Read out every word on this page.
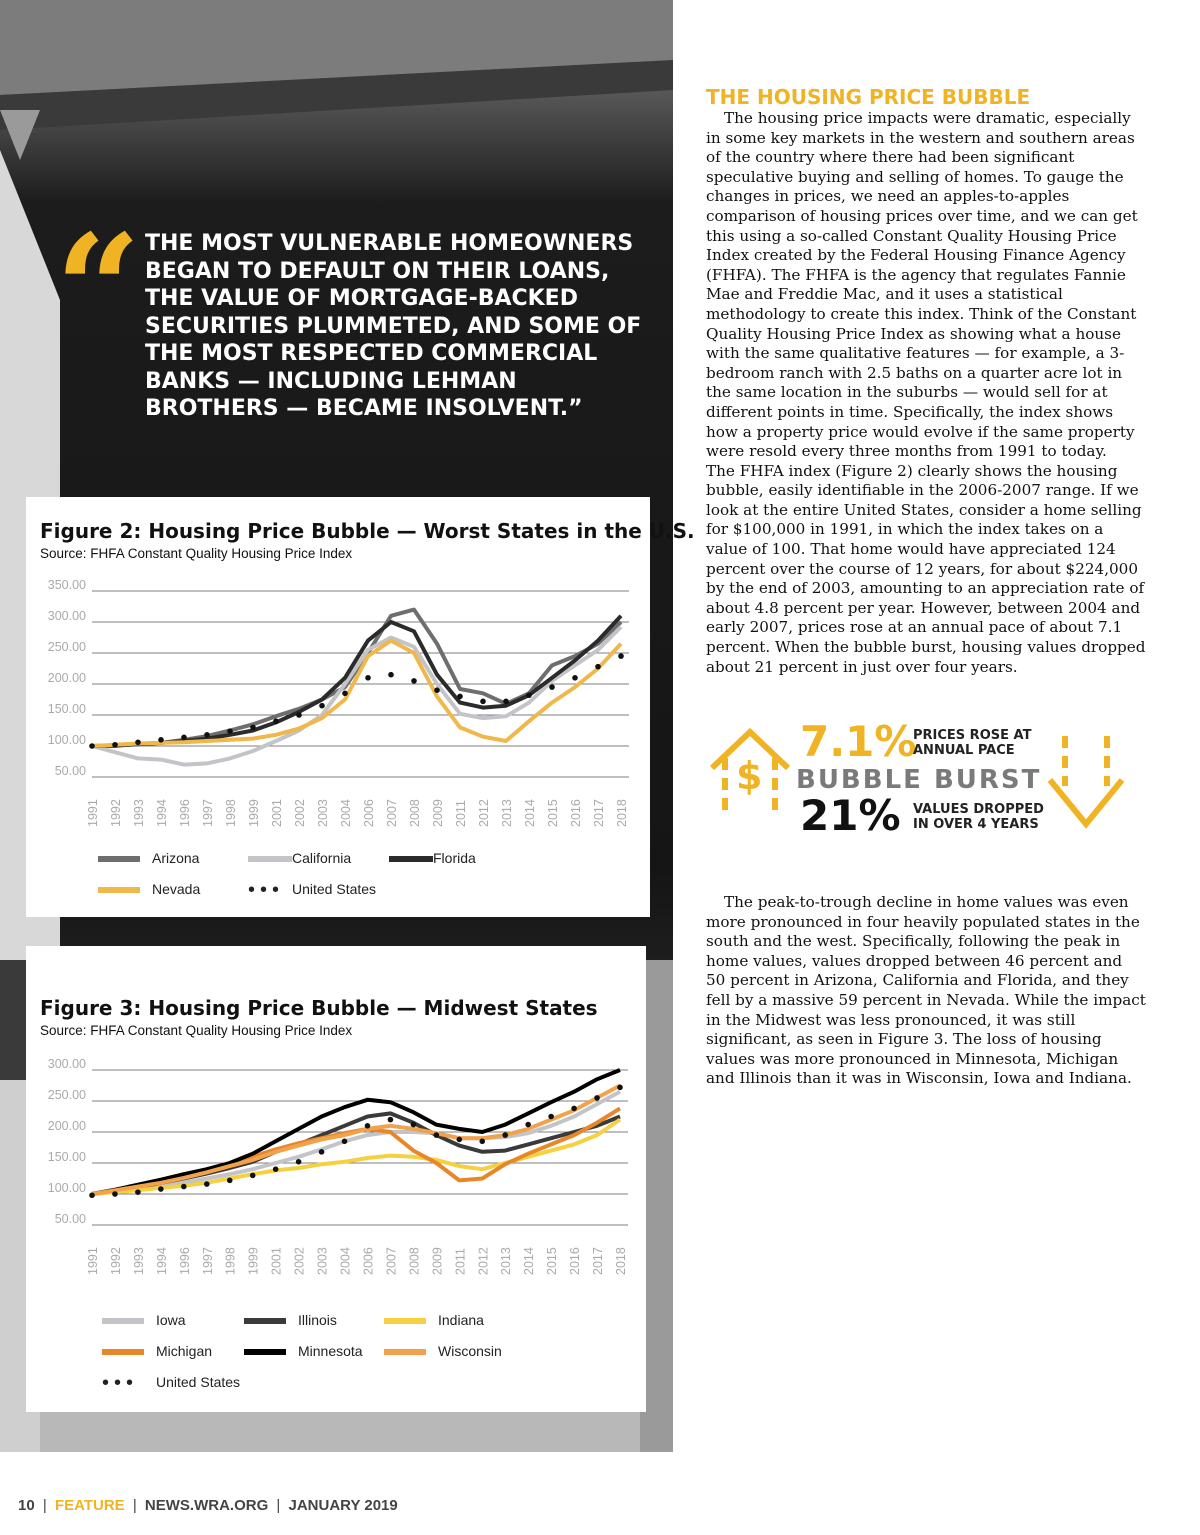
“ THE MOST VULNERABLE HOMEOWNERS BEGAN TO DEFAULT ON THEIR LOANS, THE VALUE OF MORTGAGE-BACKED SECURITIES PLUMMETED, AND SOME OF THE MOST RESPECTED COMMERCIAL BANKS — INCLUDING LEHMAN BROTHERS — BECAME INSOLVENT.”

Figure 2: Housing Price Bubble — Worst States in the U.S.

Source: FHFA Constant Quality Housing Price Index

350.00
300.00
250.00
200.00
150.00
100.00
50.00
1991 1992 1993 1994 1996 1997 1998 1999 2001 2002 2003 2004 2006 2007 2008 2009 2011 2012 2013 2014 2015 2016 2017 2018
Arizona	California	Florida
Nevada ••• United States
Figure 3: Housing Price Bubble — Midwest States

Source: FHFA Constant Quality Housing Price Index

300.00
250.00
200.00
150.00
100.00
50.00
1991 1992 1993 1994 1996 1997 1998 1999 2001 2002 2003 2004 2006 2007 2008 2009 2011 2012 2013 2014 2015 2016 2017 2018
Iowa	Illinois	Indiana
Michigan	Minnesota	Wisconsin
••• United States
THE HOUSING PRICE BUBBLE

The housing price impacts were dramatic, especially in some key markets in the western and southern areas of the country where there had been significant speculative buying and selling of homes. To gauge the changes in prices, we need an apples-to-apples comparison of housing prices over time, and we can get this using a so-called Constant Quality Housing Price Index created by the Federal Housing Finance Agency (FHFA). The FHFA is the agency that regulates Fannie Mae and Freddie Mac, and it uses a statistical methodology to create this index. Think of the Constant Quality Housing Price Index as showing what a house with the same qualitative features — for example, a 3-bedroom ranch with 2.5 baths on a quarter acre lot in the same location in the suburbs — would sell for at different points in time. Specifically, the index shows how a property price would evolve if the same property were resold every three months from 1991 to today.

The FHFA index (Figure 2) clearly shows the housing bubble, easily identifiable in the 2006-2007 range. If we look at the entire United States, consider a home selling for $100,000 in 1991, in which the index takes on a value of 100. That home would have appreciated 124 percent over the course of 12 years, for about $224,000 by the end of 2003, amounting to an appreciation rate of about 4.8 percent per year. However, between 2004 and early 2007, prices rose at an annual pace of about 7.1 percent. When the bubble burst, housing values dropped about 21 percent in just over four years.

$
7.1%
PRICES ROSE AT
ANNUAL PACE
BUBBLE BURST
21% VALUES DROPPED
IN OVER 4 YEARS

The peak-to-trough decline in home values was even more pronounced in four heavily populated states in the south and the west. Specifically, following the peak in home values, values dropped between 46 percent and 50 percent in Arizona, California and Florida, and they fell by a massive 59 percent in Nevada. While the impact in the Midwest was less pronounced, it was still significant, as seen in Figure 3. The loss of housing values was more pronounced in Minnesota, Michigan and Illinois than it was in Wisconsin, Iowa and Indiana.

10 | FEATURE | NEWS.WRA.ORG | JANUARY 2019
